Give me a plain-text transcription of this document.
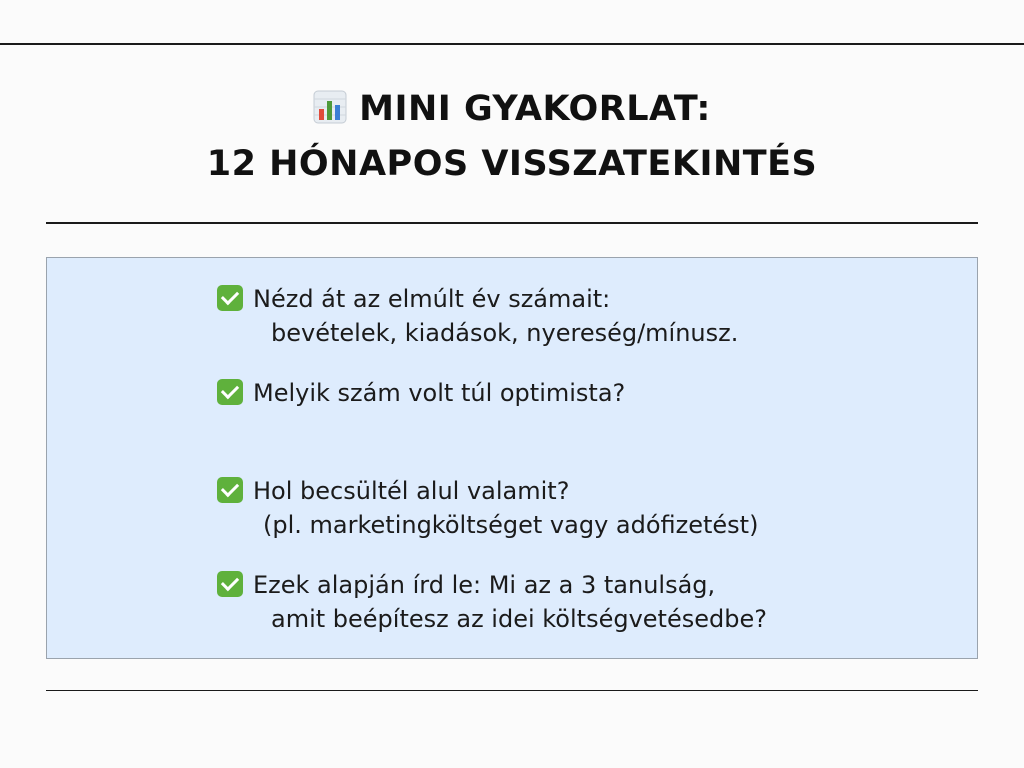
MINI GYAKORLAT:
12 HÓNAPOS VISSZATEKINTÉS
Nézd át az elmúlt év számait:
bevételek, kiadások, nyereség/mínusz.
Melyik szám volt túl optimista?
Hol becsültél alul valamit?
(pl. marketingköltséget vagy adófizetést)
Ezek alapján írd le: Mi az a 3 tanulság,
amit beépítesz az idei költségvetésedbe?
